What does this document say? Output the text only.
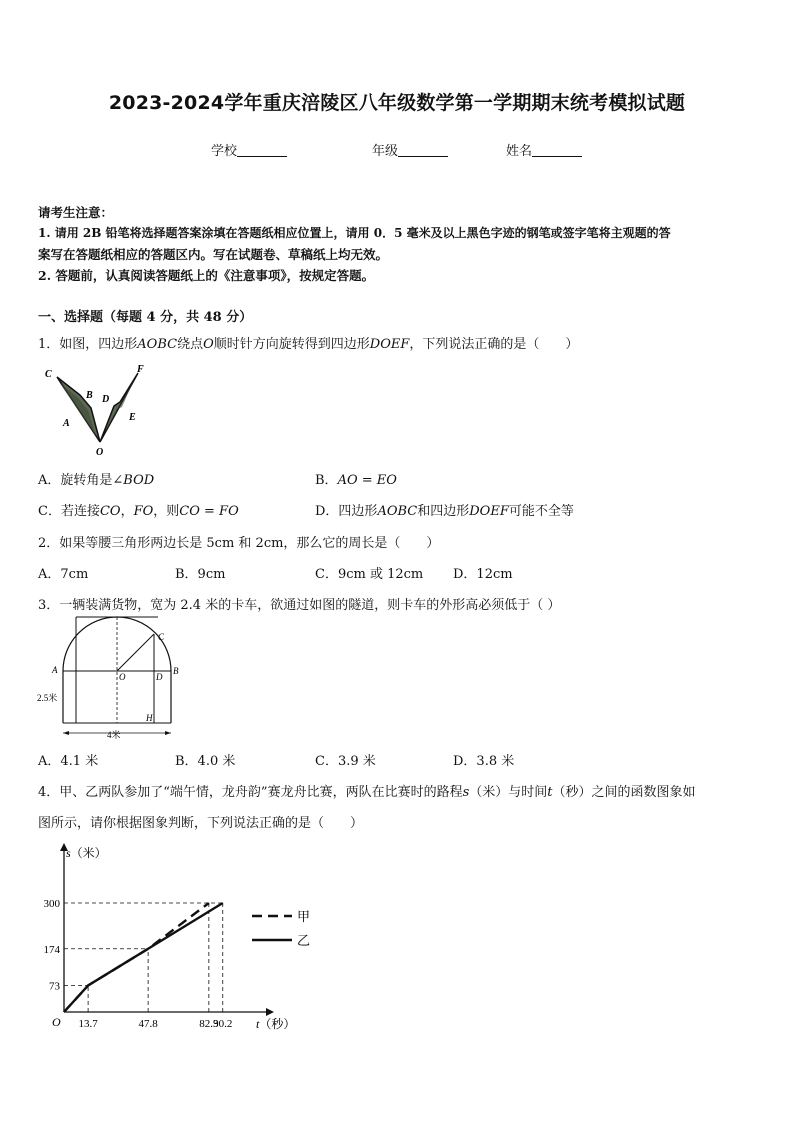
2023-2024学年重庆涪陵区八年级数学第一学期期末统考模拟试题
学校	年级	姓名
请考生注意：
1. 请用 2B 铅笔将选择题答案涂填在答题纸相应位置上，请用 0．5 毫米及以上黑色字迹的钢笔或签字笔将主观题的答
案写在答题纸相应的答题区内。写在试题卷、草稿纸上均无效。
2. 答题前，认真阅读答题纸上的《注意事项》，按规定答题。
一、选择题（每题 4 分，共 48 分）
1．如图，四边形AOBC绕点O顺时针方向旋转得到四边形DOEF，下列说法正确的是（　　）
C
B D
F
A
E
O
A．旋转角是∠BOD	B．AO = EO
C．若连接CO，FO，则CO = FO	D．四边形AOBC和四边形DOEF可能不全等
2．如果等腰三角形两边长是 5cm 和 2cm，那么它的周长是（　　）
A．7cm	B．9cm	C．9cm 或 12cm D．12cm
3．一辆装满货物，宽为 2.4 米的卡车，欲通过如图的隧道，则卡车的外形高必须低于（ ）
C
A	B
O	D
H
2.5米
4米
A．4.1 米	B．4.0 米	C．3.9 米	D．3.8 米
4．甲、乙两队参加了“端午情，龙舟韵”赛龙舟比赛，两队在比赛时的路程s（米）与时间t（秒）之间的函数图象如
图所示，请你根据图象判断，下列说法正确的是（　　）
s（米）
t（秒）
O
73
174
300
13.7	47.8	82.3
90.2
甲
乙
